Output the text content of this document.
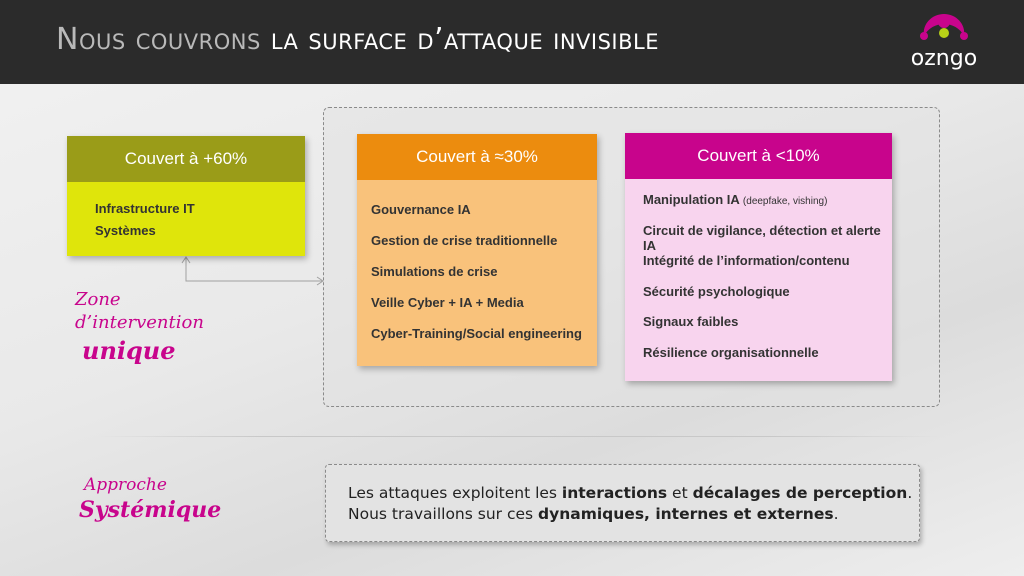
Nous couvrons la surface d’attaque invisible
ozngo
Couvert à +60%
Infrastructure IT
Systèmes
Couvert à ≈30%
Gouvernance IA
Gestion de crise traditionnelle
Simulations de crise
Veille Cyber + IA + Media
Cyber-Training/Social engineering
Couvert à <10%
Manipulation IA (deepfake, vishing)
Circuit de vigilance, détection et alerte IA
Intégrité de l’information/contenu
Sécurité psychologique
Signaux faibles
Résilience organisationnelle
Zone
d’intervention
unique
Approche
Systémique
Les attaques exploitent les interactions et décalages de perception.
Nous travaillons sur ces dynamiques, internes et externes.
